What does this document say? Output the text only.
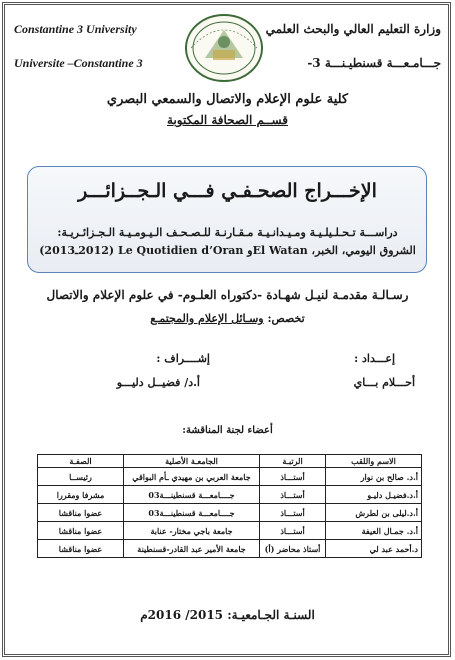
Constantine 3 University
Universite –Constantine 3
وزارة التعليم العالي والبحث العلمي
جـــامـعـــة قسنطيـنـــة 3-
كلية علوم الإعلام والاتصال والسمعي البصري
قســم الصحافة المكتوبة
الإخـــراج الصحـفـي فـــي الـجــزائـــر
دراســـة تـحـلـيلـيـة ومـيـدانـيـة مـقـارنـة للـصـحـف الـيـومـيـة الـجـزائـريـة:
الشروق اليومي، الخبر، El Watanو Le Quotidien d’Oran (2012ـ2013)
رسـالـة مقدمـة لنيـل شهـادة -دكتوراه العلـوم- في علوم الإعلام والاتصال
تخصص: وسـائل الإعلام والمجتمـع
إعـــداد :
أحـــلام بـــاي
إشــــراف :
أ.د/ فضيــل دليـــو
أعضاء لجنة المناقشة:
الاسم واللقب	الرتبـة	الجامعـة الأصلية	الصفـة
أ.د. صالح بن نوار	أستـــاذ	جامعة العربي بن مهيدي ـأم البواقي	رئيســا
أ.د.فضيـل دليـو	أستـــاذ	جــــامعـــة قسنطينـــة03	مشرفا ومقررا
أ.د.ليلى بن لطرش	أستـــاذ	جــــامعـــة قسنطينـــة03	عضوا مناقشا
أ.د. جمـال العيفة	أستـــاذ	جامعة باجي مختار- عنابة	عضوا مناقشا
د.أحمد عبد لي	أستاذ محاضر (أ)	جامعة الأمير عبد القادر-قسنطينة	عضوا مناقشا
السنـة الجـامعيـة: 2015/ 2016م
